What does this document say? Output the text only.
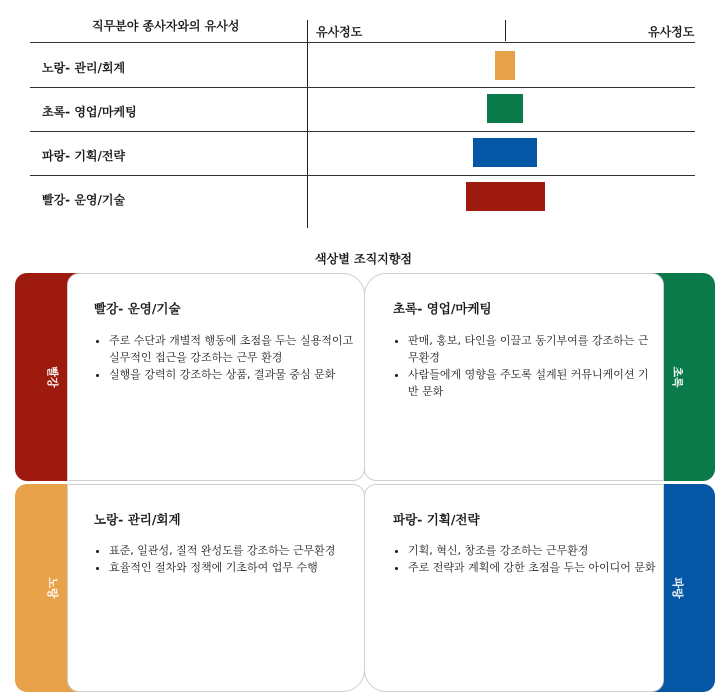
직무분야 종사자와의 유사성	유사정도	유사정도
노랑- 관리/회계
초록- 영업/마케팅
파랑- 기획/전략
빨강- 운영/기술
색상별 조직지향점
빨강	초록
노랑	파랑
빨강- 운영/기술
• 주로 수단과 개별적 행동에 초점을 두는 실용적이고 실무적인 접근을 강조하는 근무 환경
• 실행을 강력히 강조하는 상품, 결과물 중심 문화
초록- 영업/마케팅
• 판매, 홍보, 타인을 이끌고 동기부여를 강조하는 근무환경
• 사람들에게 영향을 주도록 설계된 커뮤니케이션 기반 문화
노랑- 관리/회계
• 표준, 일관성, 질적 완성도를 강조하는 근무환경
• 효율적인 절차와 정책에 기초하여 업무 수행
파랑- 기획/전략
• 기획, 혁신, 창조를 강조하는 근무환경
• 주로 전략과 계획에 강한 초점을 두는 아이디어 문화
